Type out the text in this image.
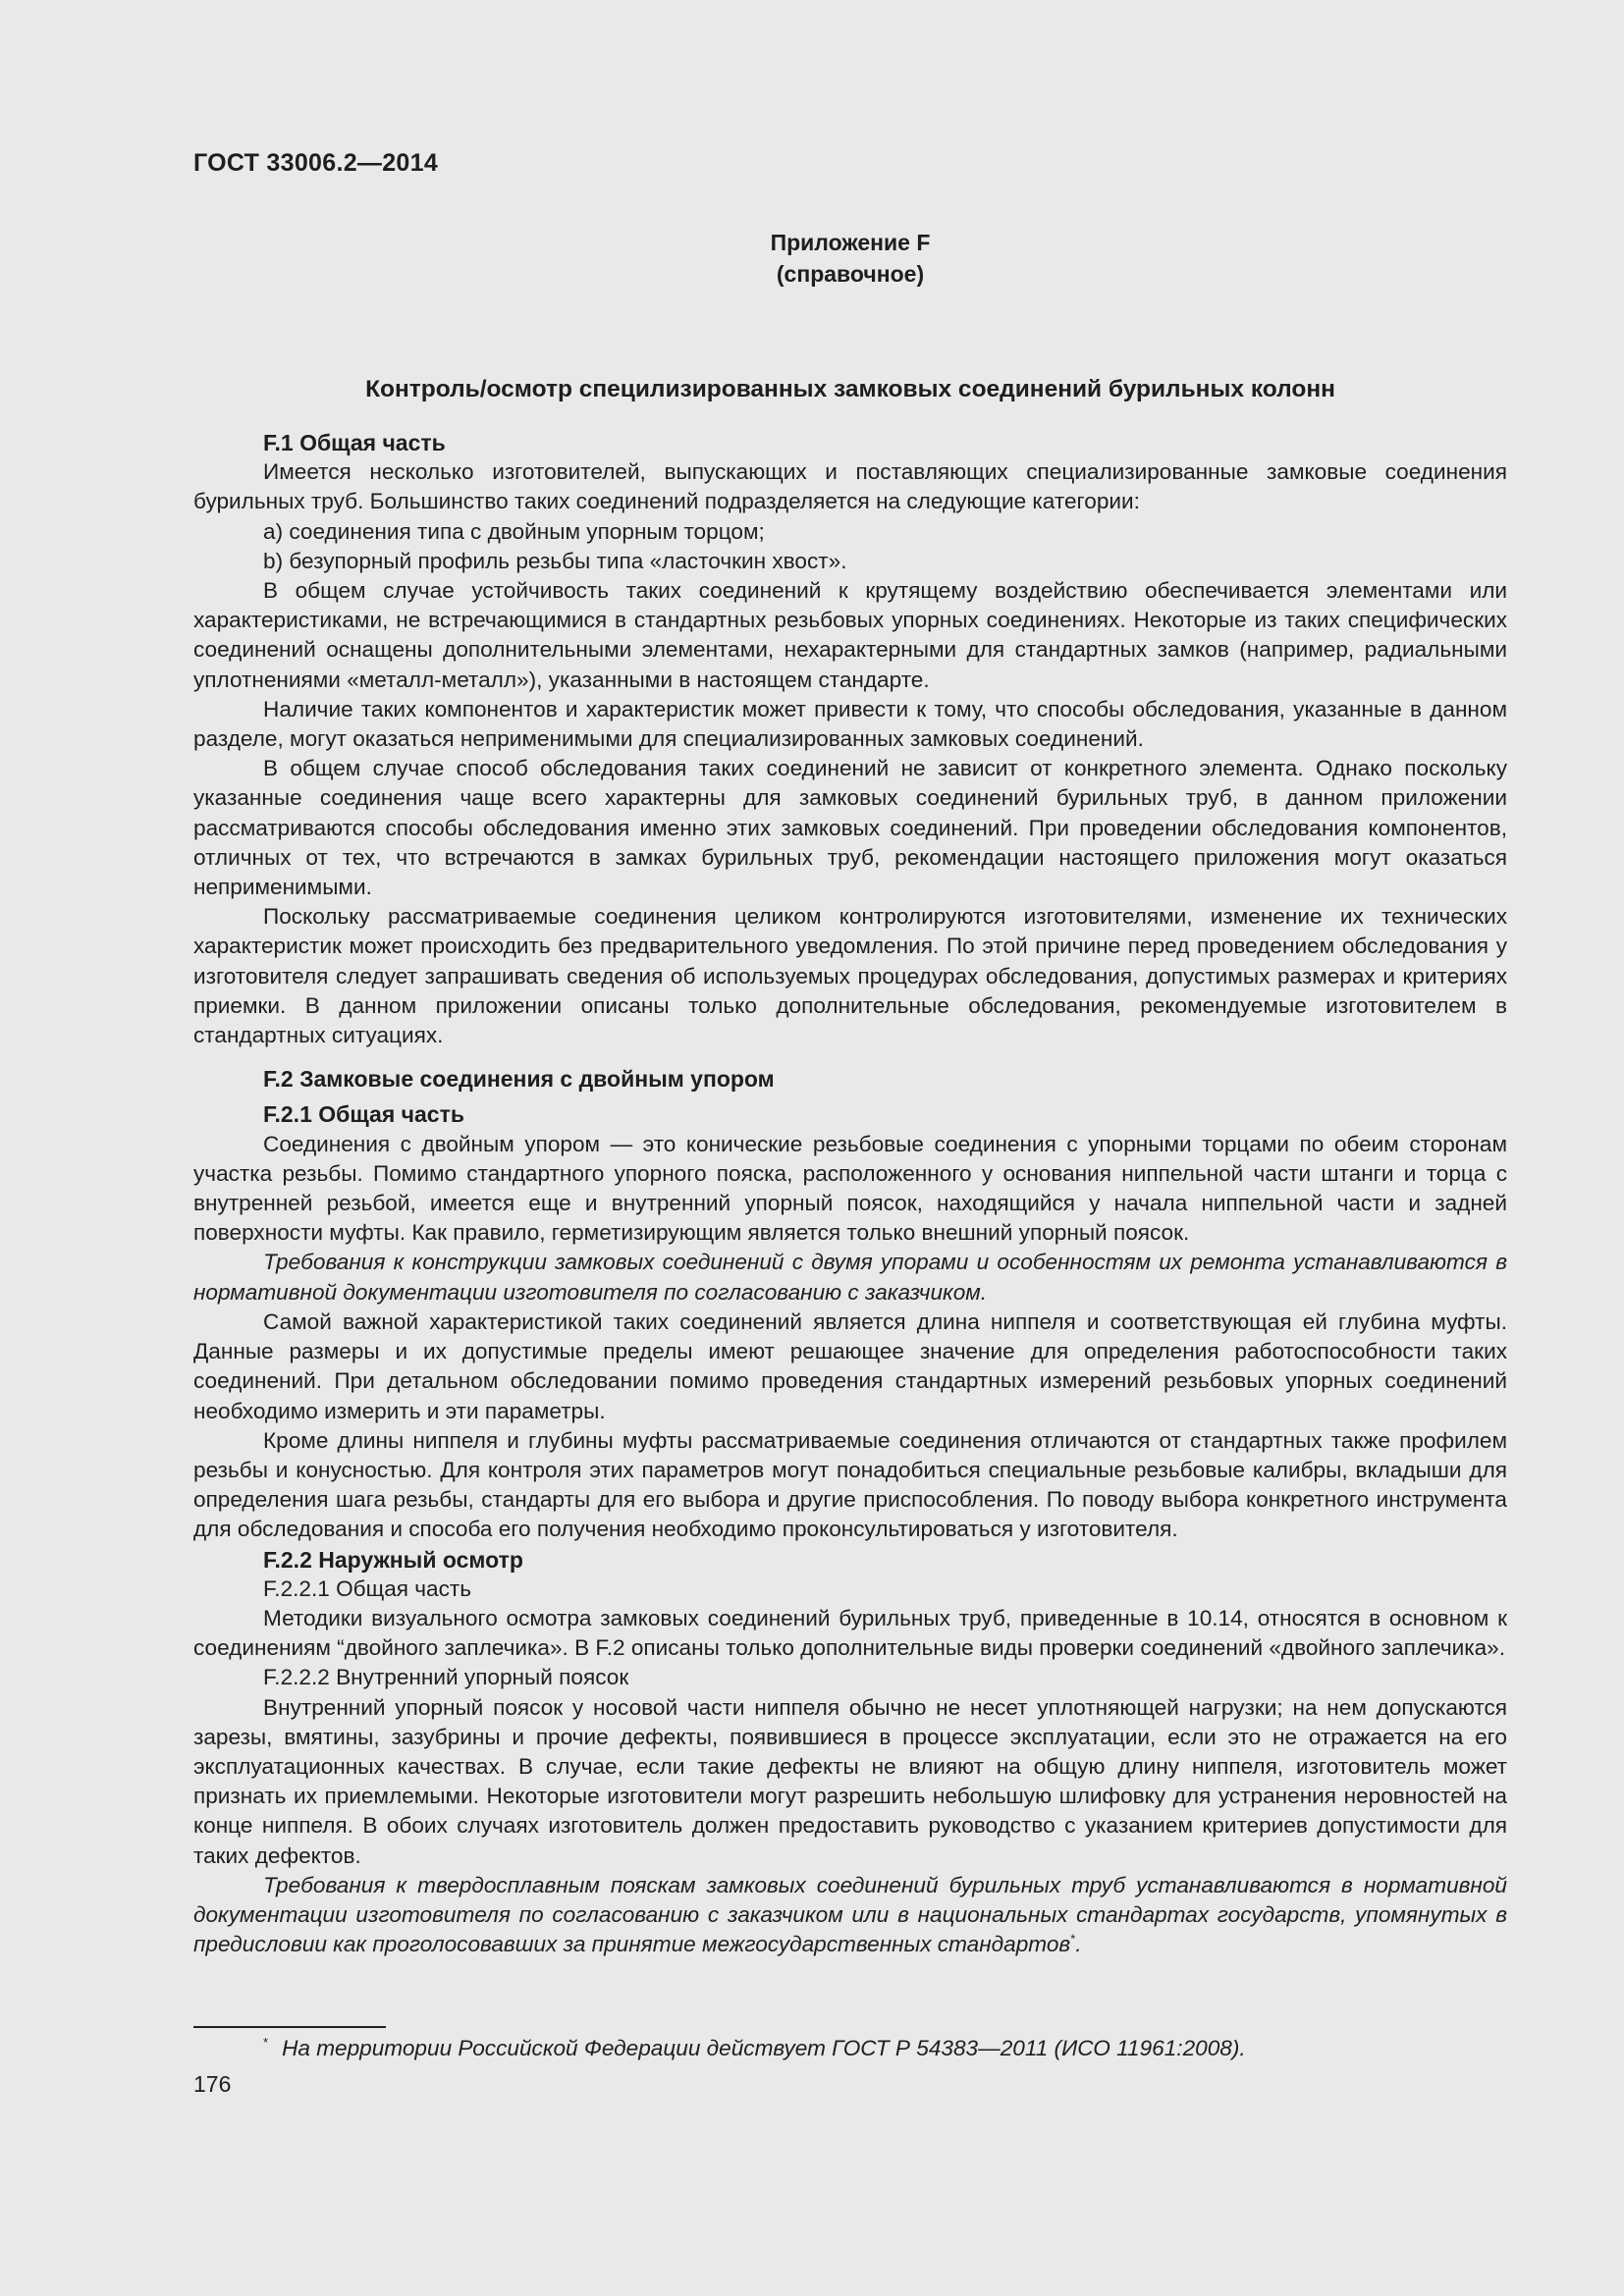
ГОСТ 33006.2—2014
Приложение F
(справочное)
Контроль/осмотр специлизированных замковых соединений бурильных колонн
F.1 Общая часть

Имеется несколько изготовителей, выпускающих и поставляющих специализированные замковые соединения бурильных труб. Большинство таких соединений подразделяется на следующие категории:

а) соединения типа с двойным упорным торцом;

b) безупорный профиль резьбы типа «ласточкин хвост».

В общем случае устойчивость таких соединений к крутящему воздействию обеспечивается элементами или характеристиками, не встречающимися в стандартных резьбовых упорных соединениях. Некоторые из таких специфических соединений оснащены дополнительными элементами, нехарактерными для стандартных замков (например, радиальными уплотнениями «металл-металл»), указанными в настоящем стандарте.

Наличие таких компонентов и характеристик может привести к тому, что способы обследования, указанные в данном разделе, могут оказаться неприменимыми для специализированных замковых соединений.

В общем случае способ обследования таких соединений не зависит от конкретного элемента. Однако поскольку указанные соединения чаще всего характерны для замковых соединений бурильных труб, в данном приложении рассматриваются способы обследования именно этих замковых соединений. При проведении обследования компонентов, отличных от тех, что встречаются в замках бурильных труб, рекомендации настоящего приложения могут оказаться неприменимыми.

Поскольку рассматриваемые соединения целиком контролируются изготовителями, изменение их технических характеристик может происходить без предварительного уведомления. По этой причине перед проведением обследования у изготовителя следует запрашивать сведения об используемых процедурах обследования, допустимых размерах и критериях приемки. В данном приложении описаны только дополнительные обследования, рекомендуемые изготовителем в стандартных ситуациях.

F.2 Замковые соединения с двойным упором
F.2.1 Общая часть

Соединения с двойным упором — это конические резьбовые соединения с упорными торцами по обеим сторонам участка резьбы. Помимо стандартного упорного пояска, расположенного у основания ниппельной части штанги и торца с внутренней резьбой, имеется еще и внутренний упорный поясок, находящийся у начала ниппельной части и задней поверхности муфты. Как правило, герметизирующим является только внешний упорный поясок.

Требования к конструкции замковых соединений с двумя упорами и особенностям их ремонта устанавливаются в нормативной документации изготовителя по согласованию с заказчиком.

Самой важной характеристикой таких соединений является длина ниппеля и соответствующая ей глубина муфты. Данные размеры и их допустимые пределы имеют решающее значение для определения работоспособности таких соединений. При детальном обследовании помимо проведения стандартных измерений резьбовых упорных соединений необходимо измерить и эти параметры.

Кроме длины ниппеля и глубины муфты рассматриваемые соединения отличаются от стандартных также профилем резьбы и конусностью. Для контроля этих параметров могут понадобиться специальные резьбовые калибры, вкладыши для определения шага резьбы, стандарты для его выбора и другие приспособления. По поводу выбора конкретного инструмента для обследования и способа его получения необходимо проконсультироваться у изготовителя.

F.2.2 Наружный осмотр
F.2.2.1 Общая часть

Методики визуального осмотра замковых соединений бурильных труб, приведенные в 10.14, относятся в основном к соединениям “двойного заплечика». В F.2 описаны только дополнительные виды проверки соединений «двойного заплечика».

F.2.2.2 Внутренний упорный поясок

Внутренний упорный поясок у носовой части ниппеля обычно не несет уплотняющей нагрузки; на нем допускаются зарезы, вмятины, зазубрины и прочие дефекты, появившиеся в процессе эксплуатации, если это не отражается на его эксплуатационных качествах. В случае, если такие дефекты не влияют на общую длину ниппеля, изготовитель может признать их приемлемыми. Некоторые изготовители могут разрешить небольшую шлифовку для устранения неровностей на конце ниппеля. В обоих случаях изготовитель должен предоставить руководство с указанием критериев допустимости для таких дефектов.

Требования к твердосплавным пояскам замковых соединений бурильных труб устанавливаются в нормативной документации изготовителя по согласованию с заказчиком или в национальных стандартах государств, упомянутых в предисловии как проголосовавших за принятие межгосударственных стандартов*.

* На территории Российской Федерации действует ГОСТ Р 54383—2011 (ИСО 11961:2008).
176
